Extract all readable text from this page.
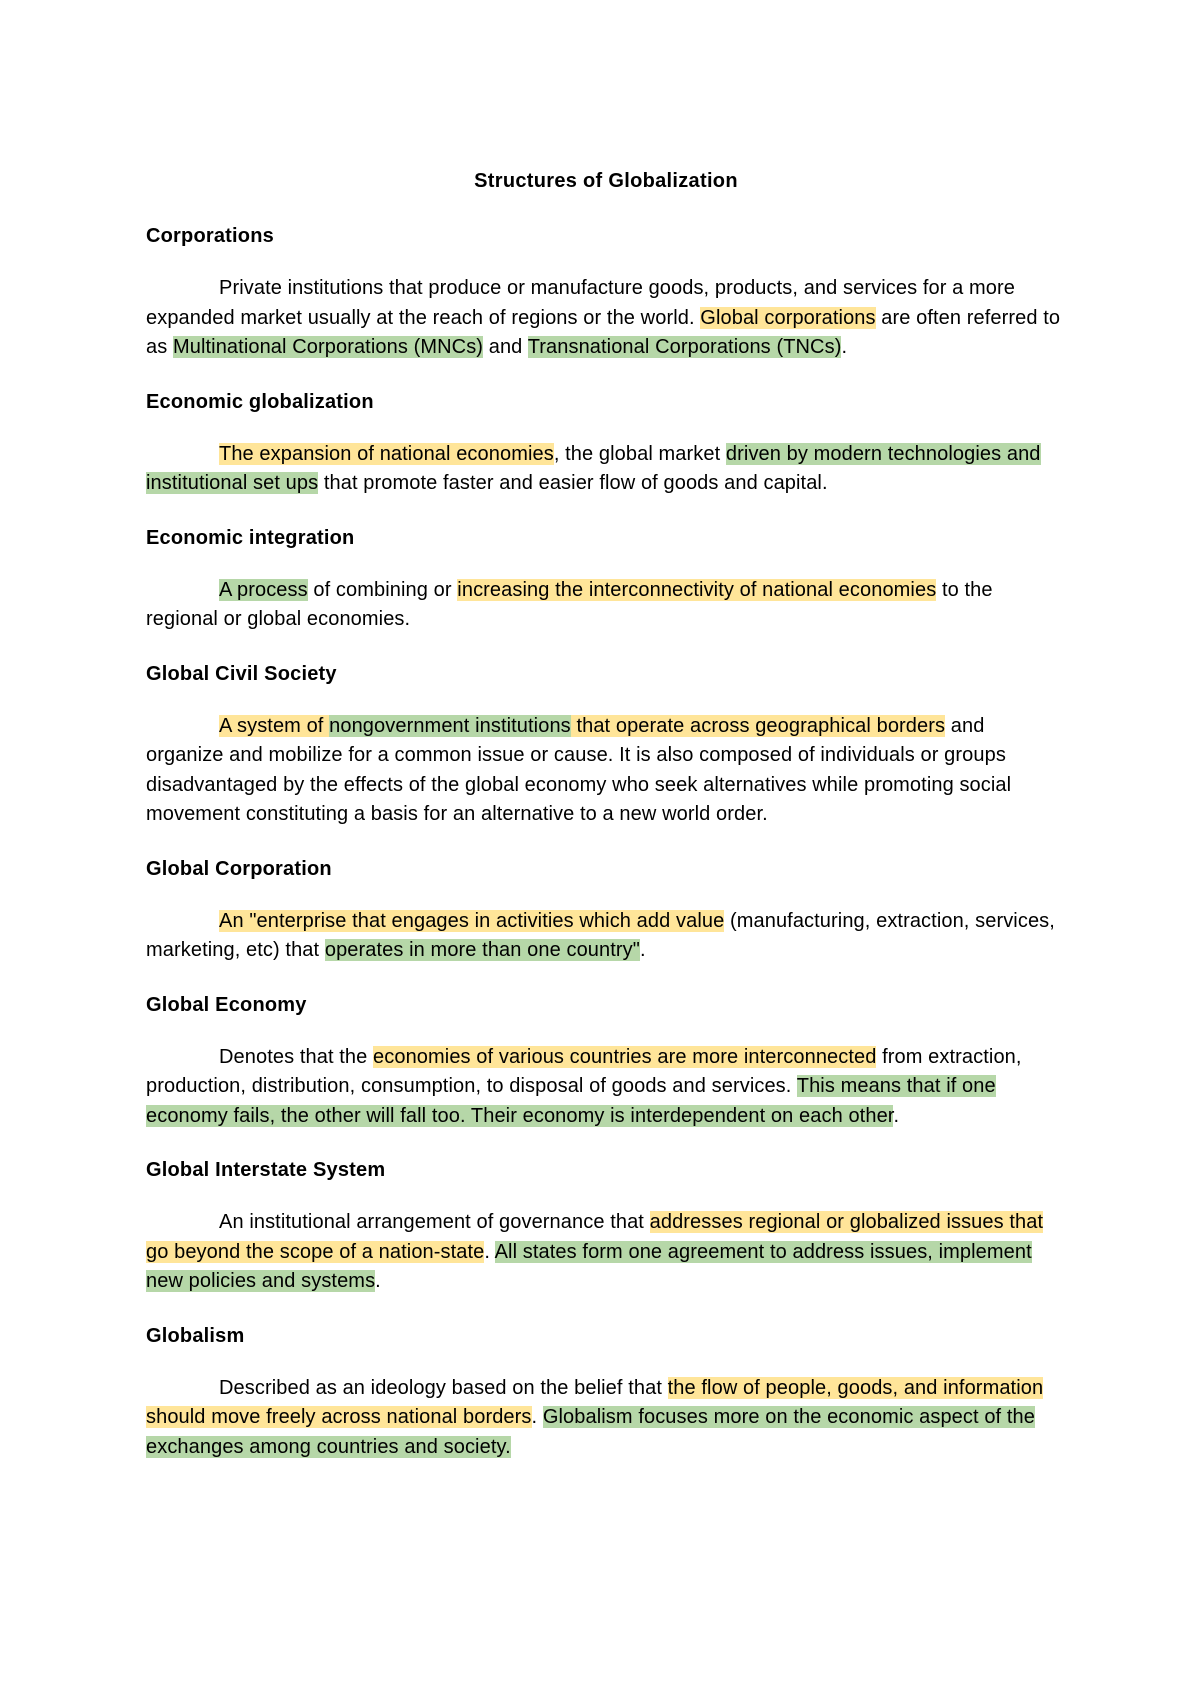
Structures of Globalization

Corporations

Private institutions that produce or manufacture goods, products, and services for a more expanded market usually at the reach of regions or the world. Global corporations are often referred to as Multinational Corporations (MNCs) and Transnational Corporations (TNCs).

Economic globalization

The expansion of national economies, the global market driven by modern technologies and institutional set ups that promote faster and easier flow of goods and capital.

Economic integration

A process of combining or increasing the interconnectivity of national economies to the regional or global economies.

Global Civil Society

A system of nongovernment institutions that operate across geographical borders and organize and mobilize for a common issue or cause. It is also composed of individuals or groups disadvantaged by the effects of the global economy who seek alternatives while promoting social movement constituting a basis for an alternative to a new world order.

Global Corporation

An "enterprise that engages in activities which add value (manufacturing, extraction, services, marketing, etc) that operates in more than one country".

Global Economy

Denotes that the economies of various countries are more interconnected from extraction, production, distribution, consumption, to disposal of goods and services. This means that if one economy fails, the other will fall too. Their economy is interdependent on each other.

Global Interstate System

An institutional arrangement of governance that addresses regional or globalized issues that go beyond the scope of a nation-state. All states form one agreement to address issues, implement new policies and systems.

Globalism

Described as an ideology based on the belief that the flow of people, goods, and information should move freely across national borders. Globalism focuses more on the economic aspect of the exchanges among countries and society.
